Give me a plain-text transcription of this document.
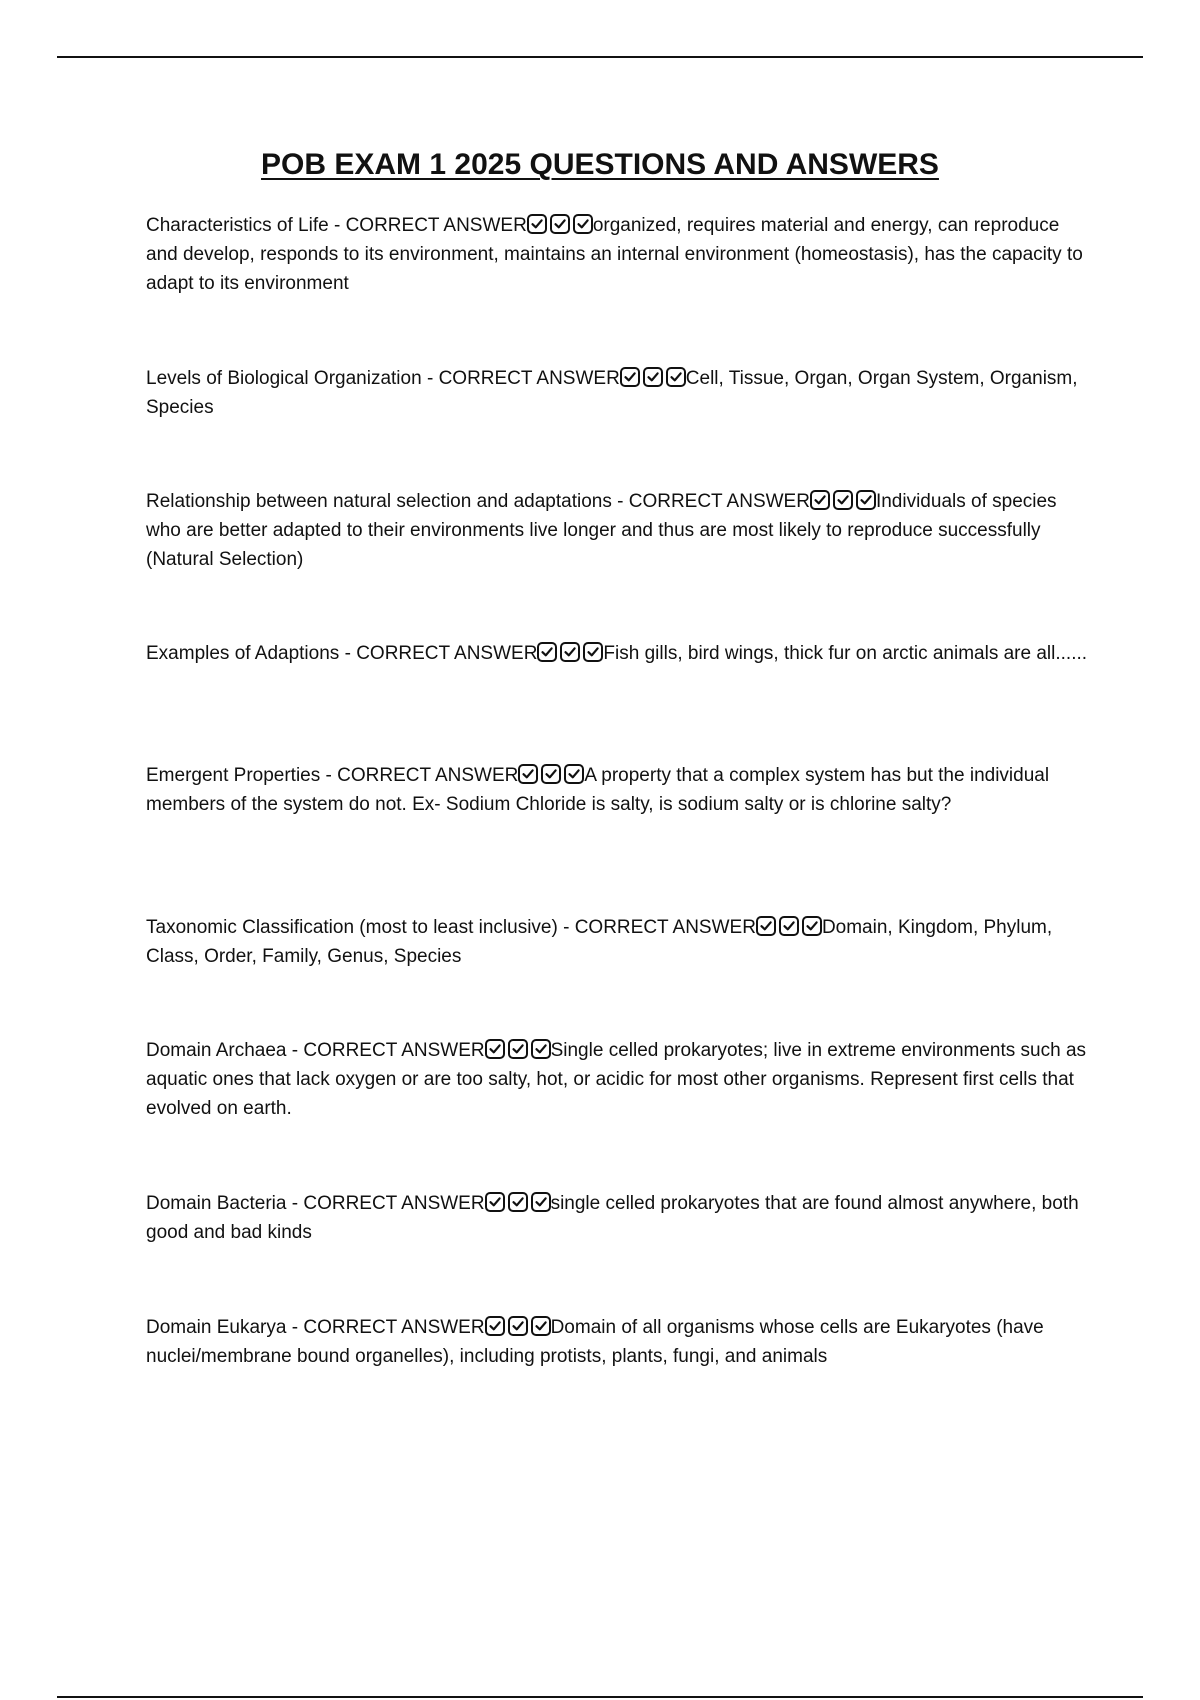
POB EXAM 1 2025 QUESTIONS AND ANSWERS

Characteristics of Life - CORRECT ANSWER	organized, requires material and energy, can reproduce and develop, responds to its environment, maintains an internal environment (homeostasis), has the capacity to adapt to its environment

Levels of Biological Organization - CORRECT ANSWER	Cell, Tissue, Organ, Organ System, Organism, Species

Relationship between natural selection and adaptations - CORRECT ANSWER	Individuals of species who are better adapted to their environments live longer and thus are most likely to reproduce successfully (Natural Selection)

Examples of Adaptions - CORRECT ANSWER	Fish gills, bird wings, thick fur on arctic animals are all......

Emergent Properties - CORRECT ANSWER	A property that a complex system has but the individual members of the system do not. Ex- Sodium Chloride is salty, is sodium salty or is chlorine salty?

Taxonomic Classification (most to least inclusive) - CORRECT ANSWER	Domain, Kingdom, Phylum, Class, Order, Family, Genus, Species

Domain Archaea - CORRECT ANSWER	Single celled prokaryotes; live in extreme environments such as aquatic ones that lack oxygen or are too salty, hot, or acidic for most other organisms. Represent first cells that evolved on earth.

Domain Bacteria - CORRECT ANSWER	single celled prokaryotes that are found almost anywhere, both good and bad kinds

Domain Eukarya - CORRECT ANSWER	Domain of all organisms whose cells are Eukaryotes (have nuclei/membrane bound organelles), including protists, plants, fungi, and animals
